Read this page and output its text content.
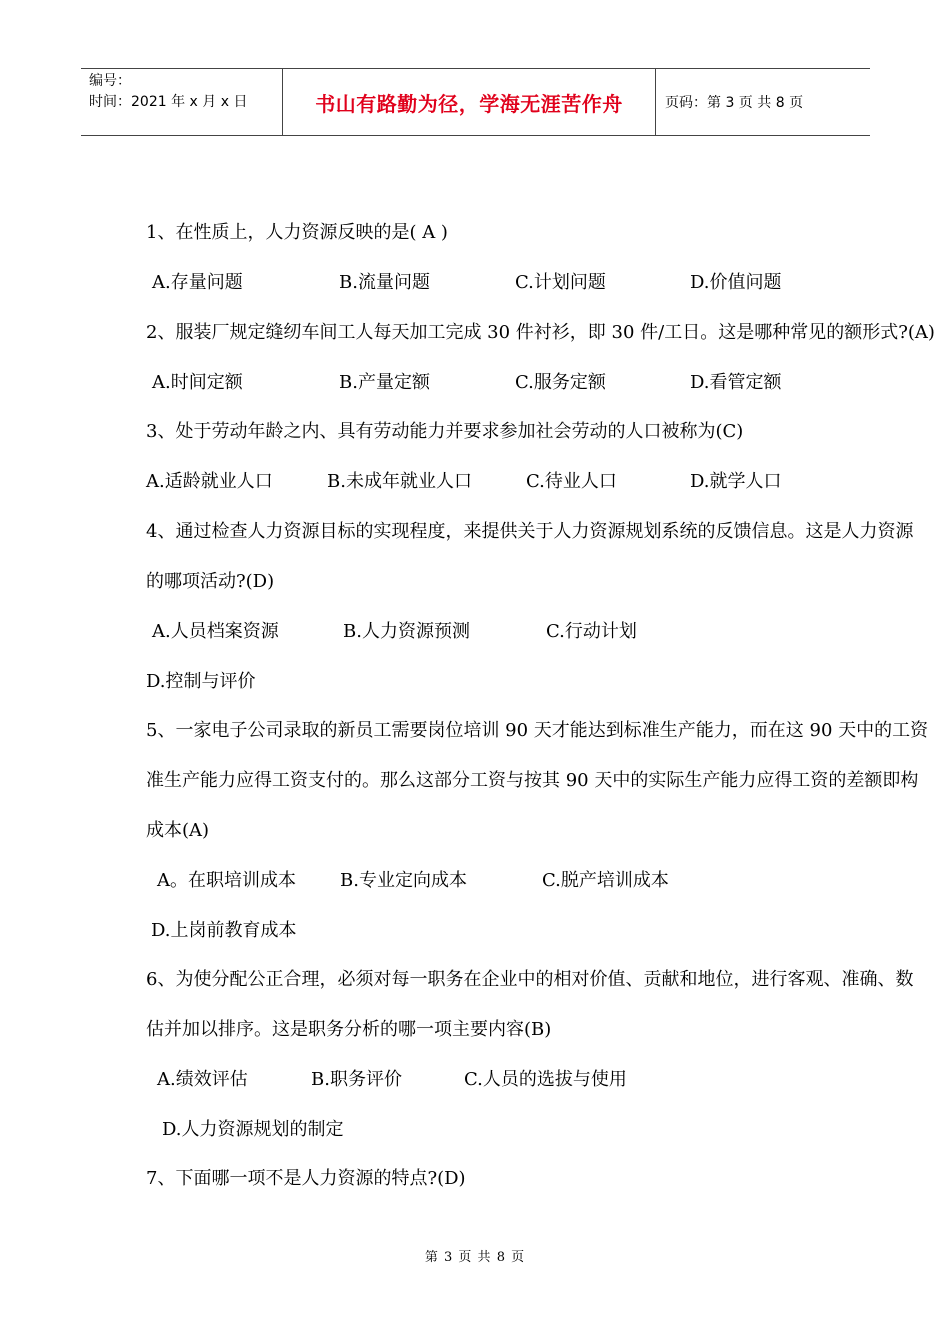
编号：
时间：2021 年 x 月 x 日	书山有路勤为径，学海无涯苦作舟	页码：第 3 页 共 8 页
1、在性质上，人力资源反映的是( A )
A.存量问题	B.流量问题	C.计划问题	D.价值问题
2、服装厂规定缝纫车间工人每天加工完成 30 件衬衫，即 30 件/工日。这是哪种常见的额形式?(A)
A.时间定额	B.产量定额	C.服务定额	D.看管定额
3、处于劳动年龄之内、具有劳动能力并要求参加社会劳动的人口被称为(C)
A.适龄就业人口	B.未成年就业人口	C.待业人口	D.就学人口
4、通过检查人力资源目标的实现程度，来提供关于人力资源规划系统的反馈信息。这是人力资源
的哪项活动?(D)
A.人员档案资源	B.人力资源预测	C.行动计划
D.控制与评价
5、一家电子公司录取的新员工需要岗位培训 90 天才能达到标准生产能力，而在这 90 天中的工资
准生产能力应得工资支付的。那么这部分工资与按其 90 天中的实际生产能力应得工资的差额即构
成本(A)
A。在职培训成本 B.专业定向成本	C.脱产培训成本
D.上岗前教育成本
6、为使分配公正合理，必须对每一职务在企业中的相对价值、贡献和地位，进行客观、准确、数
估并加以排序。这是职务分析的哪一项主要内容(B)
A.绩效评估	B.职务评价	C.人员的选拔与使用
D.人力资源规划的制定
7、下面哪一项不是人力资源的特点?(D)
第 3 页 共 8 页
